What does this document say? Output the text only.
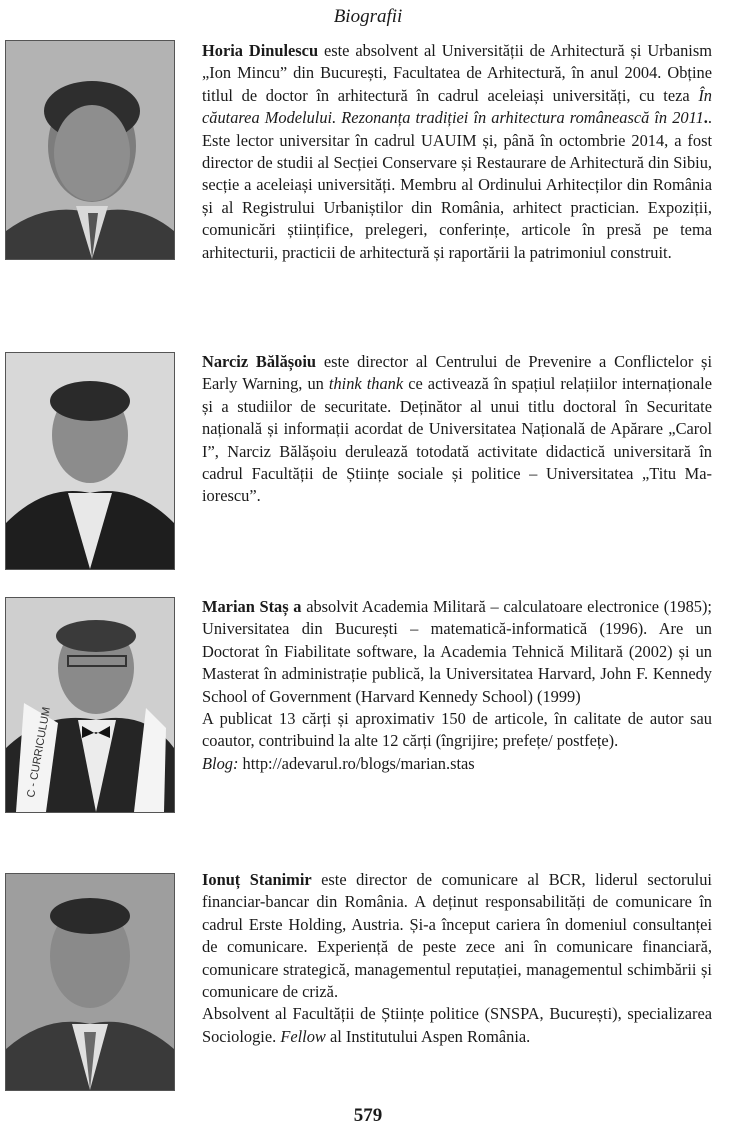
Biografii

Horia Dinulescu este absolvent al Universității de Arhitectură și Urbanism „Ion Mincu” din București, Facultatea de Arhitectură, în anul 2004. Obține titlul de doctor în arhitectură în cadrul aceleiași universități, cu teza În căutarea Modelului. Rezonanța tradiției în arhitectura românească în 2011.. Este lector universitar în cadrul UAUIM și, până în octombrie 2014, a fost director de studii al Secției Conservare și Restaurare de Arhitectură din Sibiu, secție a aceleiași universități. Membru al Ordinului Arhitecților din România și al Registrului Urbaniștilor din România, arhitect practician. Expoziții, comunicări științifice, prelegeri, conferințe, articole în presă pe tema arhitecturii, practicii de arhitectură și raportării la patrimoniul construit.

Narciz Bălășoiu este director al Centrului de Prevenire a Conflictelor și Early Warning, un think thank ce activează în spațiul relațiilor internaționale și a studiilor de securitate. Deținător al unui titlu doctoral în Securitate națională și informații acordat de Universitatea Națională de Apărare „Carol I”, Narciz Bălășoiu derulează totodată activitate didactică universitară în cadrul Facultății de Științe sociale și politice – Universitatea „Titu Maiorescu”.

C - CURRICULUM

Marian Staș a absolvit Academia Militară – calculatoare electronice (1985); Universitatea din București – matematică-informatică (1996). Are un Doctorat în Fiabilitate software, la Academia Tehnică Militară (2002) și un Masterat în administrație publică, la Universitatea Harvard, John F. Kennedy School of Government (Harvard Kennedy School) (1999)

A publicat 13 cărți și aproximativ 150 de articole, în calitate de autor sau coautor, contribuind la alte 12 cărți (îngrijire; prefețe/ postfețe).

Blog: http://adevarul.ro/blogs/marian.stas

Ionuț Stanimir este director de comunicare al BCR, liderul sectorului financiar-bancar din România. A deținut responsabilități de comunicare în cadrul Erste Holding, Austria. Și-a început cariera în domeniul consultanței de comunicare. Experiență de peste zece ani în comunicare financiară, comunicare strategică, managementul reputației, managementul schimbării și comunicare de criză.

Absolvent al Facultății de Științe politice (SNSPA, București), specializarea Sociologie. Fellow al Institutului Aspen România.

579
